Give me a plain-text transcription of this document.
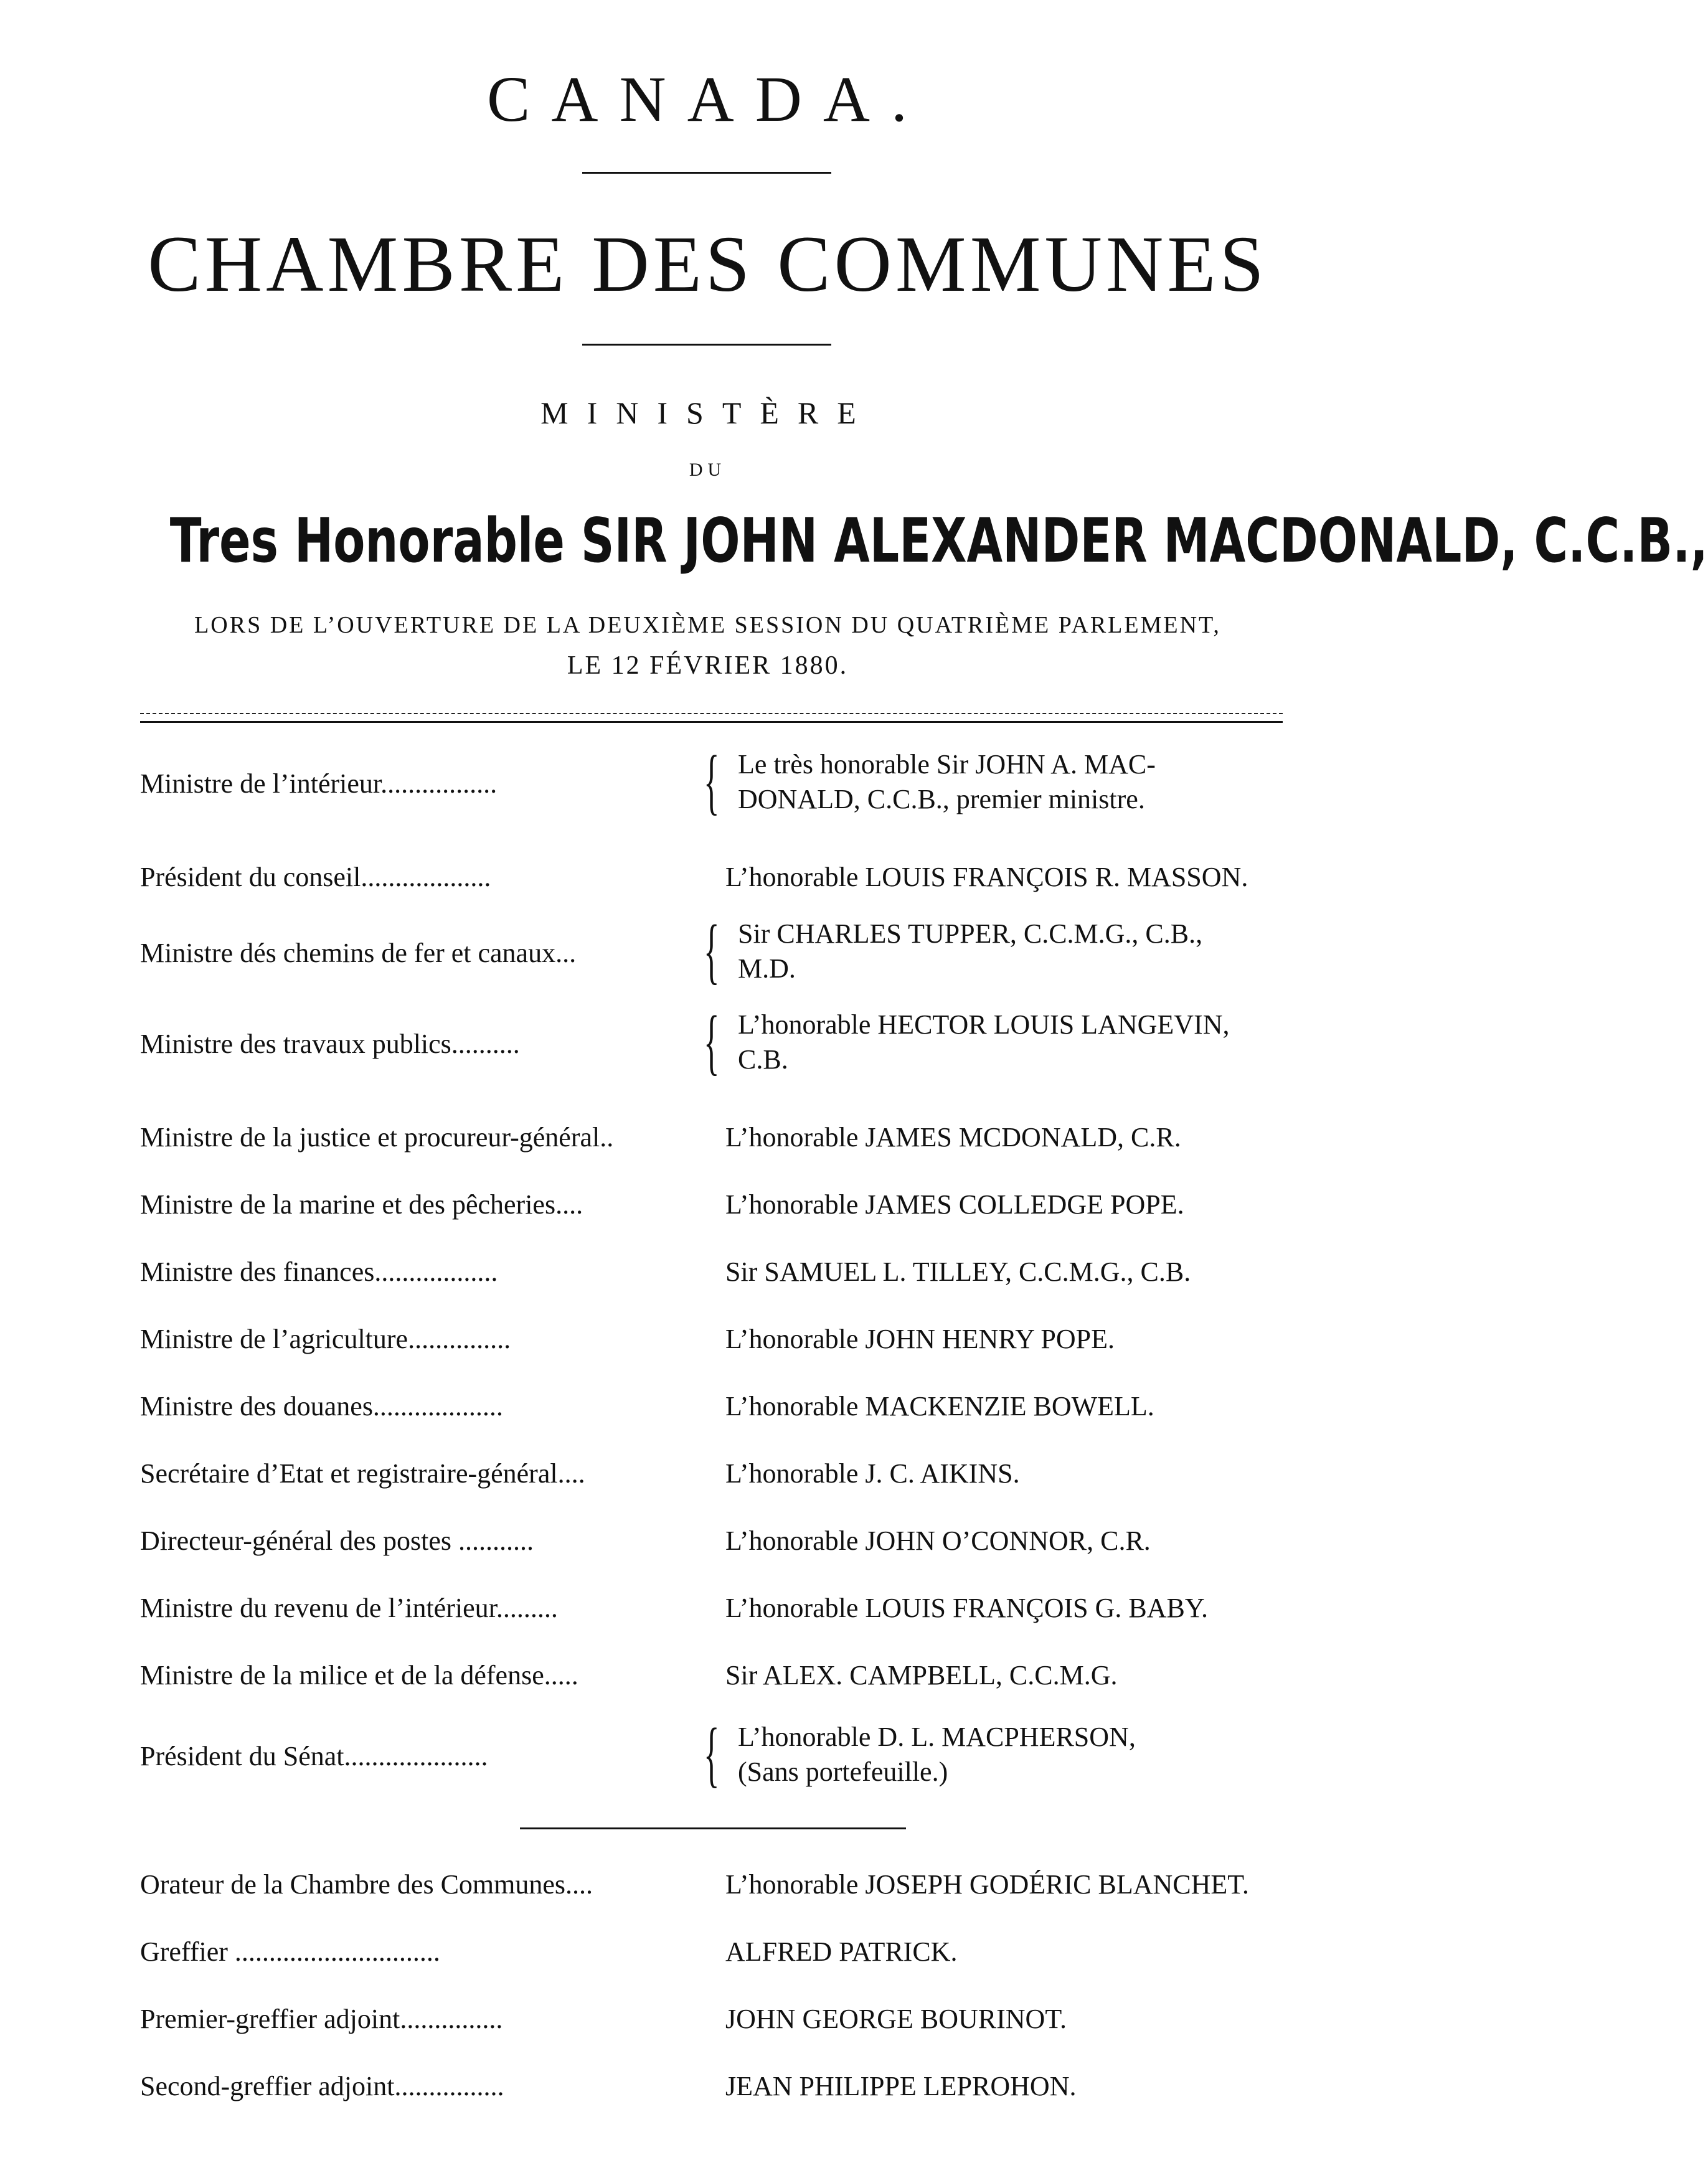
CANADA.
CHAMBRE DES COMMUNES
MINISTÈRE
DU
Tres Honorable SIR JOHN ALEXANDER MACDONALD, C.C.B.,
LORS DE L’OUVERTURE DE LA DEUXIÈME SESSION DU QUATRIÈME PARLEMENT,
LE 12 FÉVRIER 1880.
Ministre de l’intérieur.................	{ Le très honorable Sir JOHN A. MAC-
DONALD, C.C.B., premier ministre.
Président du conseil...................	L’honorable LOUIS FRANÇOIS R. MASSON.
Ministre dés chemins de fer et canaux... { Sir CHARLES TUPPER, C.C.M.G., C.B.,
M.D.
Ministre des travaux publics..........	{ L’honorable HECTOR LOUIS LANGEVIN,
C.B.
Ministre de la justice et procureur-général..	L’honorable JAMES MCDONALD, C.R.
Ministre de la marine et des pêcheries....	L’honorable JAMES COLLEDGE POPE.
Ministre des finances..................	Sir SAMUEL L. TILLEY, C.C.M.G., C.B.
Ministre de l’agriculture...............	L’honorable JOHN HENRY POPE.
Ministre des douanes...................	L’honorable MACKENZIE BOWELL.
Secrétaire d’Etat et registraire-général....	L’honorable J. C. AIKINS.
Directeur-général des postes ...........	L’honorable JOHN O’CONNOR, C.R.
Ministre du revenu de l’intérieur.........	L’honorable LOUIS FRANÇOIS G. BABY.
Ministre de la milice et de la défense.....	Sir ALEX. CAMPBELL, C.C.M.G.
Président du Sénat.....................	{ L’honorable D. L. MACPHERSON,
(Sans portefeuille.)
Orateur de la Chambre des Communes....	L’honorable JOSEPH GODÉRIC BLANCHET.
Greffier ..............................	ALFRED PATRICK.
Premier-greffier adjoint...............	JOHN GEORGE BOURINOT.
Second-greffier adjoint................	JEAN PHILIPPE LEPROHON.
